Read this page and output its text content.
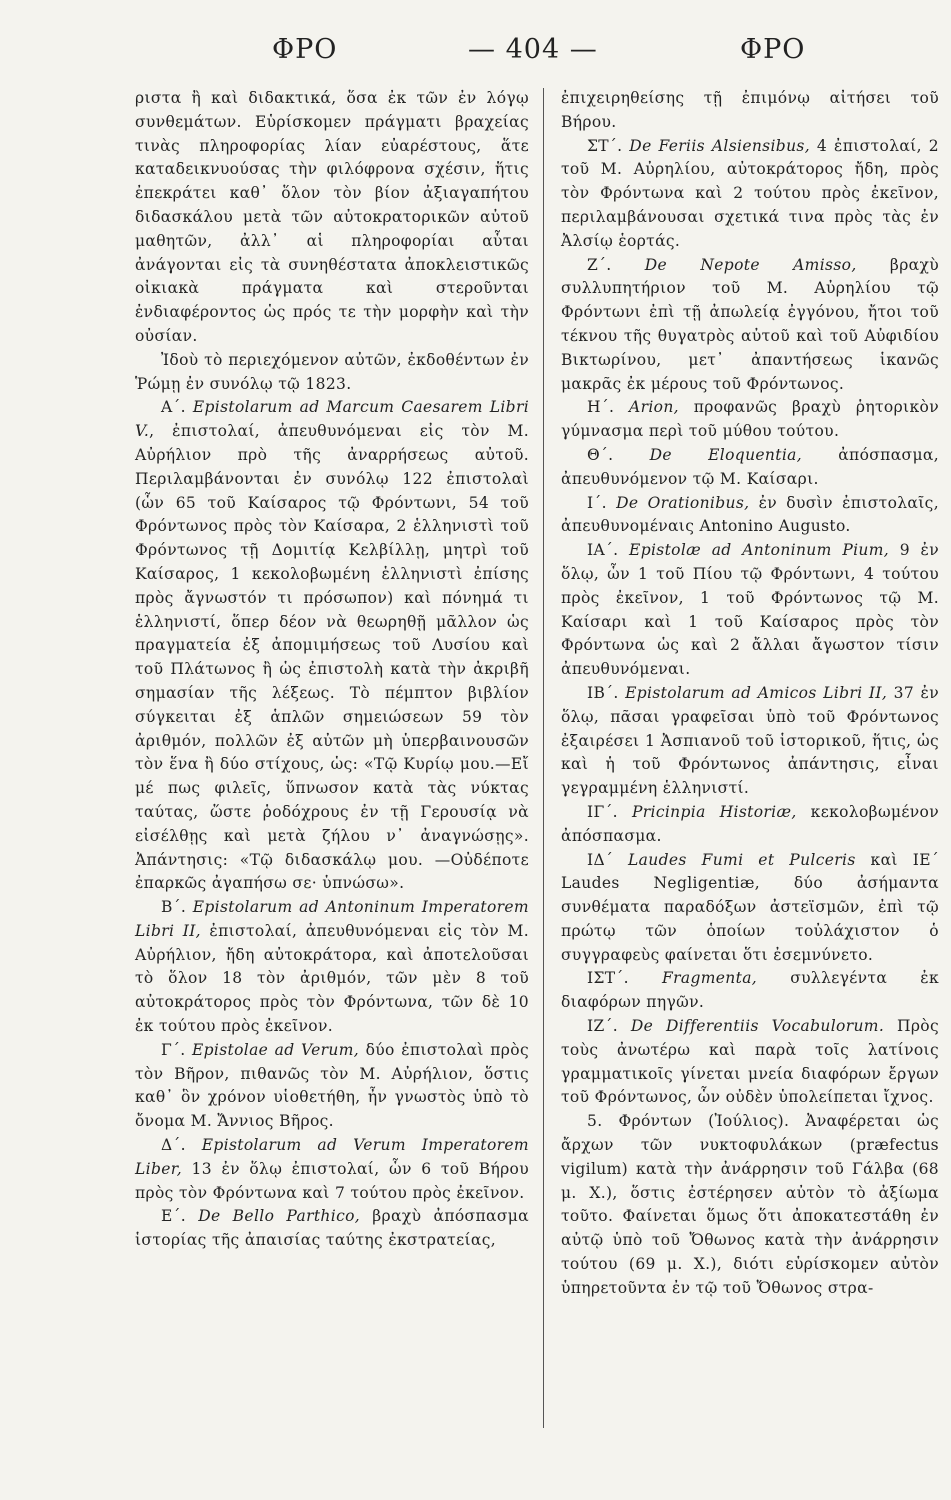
ΦΡΟ	— 404 —	ΦΡΟ

ριστα ἢ καὶ διδακτικά, ὅσα ἐκ τῶν ἐν λόγῳ συνθεμάτων. Εὑρίσκομεν πράγματι βραχείας τινὰς πληροφορίας λίαν εὐαρέστους, ἅτε καταδεικνυούσας τὴν φιλόφρονα σχέσιν, ἥτις ἐπεκράτει καθ᾽ ὅλον τὸν βίον ἀξιαγαπήτου διδασκάλου μετὰ τῶν αὐτοκρατορικῶν αὐτοῦ μαθητῶν, ἀλλ᾽ αἱ πληροφορίαι αὗται ἀνάγονται εἰς τὰ συνηθέστατα ἀποκλειστικῶς οἰκιακὰ πράγματα καὶ στεροῦνται ἐνδιαφέροντος ὡς πρός τε τὴν μορφὴν καὶ τὴν οὐσίαν.

Ἰδοὺ τὸ περιεχόμενον αὐτῶν, ἐκδοθέντων ἐν Ῥώμῃ ἐν συνόλῳ τῷ 1823.

Α΄. Epistolarum ad Marcum Caesarem Libri V., ἐπιστολαί, ἀπευθυνόμεναι εἰς τὸν Μ. Αὐρήλιον πρὸ τῆς ἀναρρήσεως αὐτοῦ. Περιλαμβάνονται ἐν συνόλῳ 122 ἐπιστολαὶ (ὧν 65 τοῦ Καίσαρος τῷ Φρόντωνι, 54 τοῦ Φρόντωνος πρὸς τὸν Καίσαρα, 2 ἑλληνιστὶ τοῦ Φρόντωνος τῇ Δομιτίᾳ Κελβίλλῃ, μητρὶ τοῦ Καίσαρος, 1 κεκολοβωμένη ἑλληνιστὶ ἐπίσης πρὸς ἄγνωστόν τι πρόσωπον) καὶ πόνημά τι ἑλληνιστί, ὅπερ δέον νὰ θεωρηθῇ μᾶλλον ὡς πραγματεία ἐξ ἀπομιμήσεως τοῦ Λυσίου καὶ τοῦ Πλάτωνος ἢ ὡς ἐπιστολὴ κατὰ τὴν ἀκριβῆ σημασίαν τῆς λέξεως. Τὸ πέμπτον βιβλίον σύγκειται ἐξ ἁπλῶν σημειώσεων 59 τὸν ἀριθμόν, πολλῶν ἐξ αὐτῶν μὴ ὑπερβαινουσῶν τὸν ἕνα ἢ δύο στίχους, ὡς: «Τῷ Κυρίῳ μου.—Εἴ μέ πως φιλεῖς, ὕπνωσον κατὰ τὰς νύκτας ταύτας, ὥστε ῥοδόχρους ἐν τῇ Γερουσίᾳ νὰ εἰσέλθῃς καὶ μετὰ ζήλου ν᾽ ἀναγνώσῃς». Ἀπάντησις: «Τῷ διδασκάλῳ μου. —Οὐδέποτε ἐπαρκῶς ἀγαπήσω σε· ὑπνώσω».

Β΄. Epistolarum ad Antoninum Imperatorem Libri II, ἐπιστολαί, ἀπευθυνόμεναι εἰς τὸν Μ. Αὐρήλιον, ἤδη αὐτοκράτορα, καὶ ἀποτελοῦσαι τὸ ὅλον 18 τὸν ἀριθμόν, τῶν μὲν 8 τοῦ αὐτοκράτορος πρὸς τὸν Φρόντωνα, τῶν δὲ 10 ἐκ τούτου πρὸς ἐκεῖνον.

Γ΄. Epistolae ad Verum, δύο ἐπιστολαὶ πρὸς τὸν Βῆρον, πιθανῶς τὸν Μ. Αὐρήλιον, ὅστις καθ᾽ ὃν χρόνον υἱοθετήθη, ἦν γνωστὸς ὑπὸ τὸ ὄνομα Μ. Ἄννιος Βῆρος.

Δ΄. Epistolarum ad Verum Imperatorem Liber, 13 ἐν ὅλῳ ἐπιστολαί, ὧν 6 τοῦ Βήρου πρὸς τὸν Φρόντωνα καὶ 7 τούτου πρὸς ἐκεῖνον.

Ε΄. De Bello Parthico, βραχὺ ἀπόσπασμα ἱστορίας τῆς ἀπαισίας ταύτης ἐκστρατείας,

ἐπιχειρηθείσης τῇ ἐπιμόνῳ αἰτήσει τοῦ Βήρου.

ΣΤ΄. De Feriis Alsiensibus, 4 ἐπιστολαί, 2 τοῦ Μ. Αὐρηλίου, αὐτοκράτορος ἤδη, πρὸς τὸν Φρόντωνα καὶ 2 τούτου πρὸς ἐκεῖνον, περιλαμβάνουσαι σχετικά τινα πρὸς τὰς ἐν Ἀλσίῳ ἑορτάς.

Ζ΄. De Nepote Amisso, βραχὺ συλλυπητήριον τοῦ Μ. Αὐρηλίου τῷ Φρόντωνι ἐπὶ τῇ ἀπωλείᾳ ἐγγόνου, ἤτοι τοῦ τέκνου τῆς θυγατρὸς αὐτοῦ καὶ τοῦ Αὐφιδίου Βικτωρίνου, μετ᾽ ἀπαντήσεως ἱκανῶς μακρᾶς ἐκ μέρους τοῦ Φρόντωνος.

Η΄. Arion, προφανῶς βραχὺ ῥητορικὸν γύμνασμα περὶ τοῦ μύθου τούτου.

Θ΄. De Eloquentia, ἀπόσπασμα, ἀπευθυνόμενον τῷ Μ. Καίσαρι.

Ι΄. De Orationibus, ἐν δυσὶν ἐπιστολαῖς, ἀπευθυνομέναις Antonino Augusto.

ΙΑ΄. Epistolæ ad Antoninum Pium, 9 ἐν ὅλῳ, ὧν 1 τοῦ Πίου τῷ Φρόντωνι, 4 τούτου πρὸς ἐκεῖνον, 1 τοῦ Φρόντωνος τῷ Μ. Καίσαρι καὶ 1 τοῦ Καίσαρος πρὸς τὸν Φρόντωνα ὡς καὶ 2 ἄλλαι ἄγωστον τίσιν ἀπευθυνόμεναι.

ΙΒ΄. Epistolarum ad Amicos Libri II, 37 ἐν ὅλῳ, πᾶσαι γραφεῖσαι ὑπὸ τοῦ Φρόντωνος ἐξαιρέσει 1 Ἀσπιανοῦ τοῦ ἱστορικοῦ, ἥτις, ὡς καὶ ἡ τοῦ Φρόντωνος ἀπάντησις, εἶναι γεγραμμένη ἑλληνιστί.

ΙΓ΄. Pricinpia Historiæ, κεκολοβωμένον ἀπόσπασμα.

ΙΔ΄ Laudes Fumi et Pulceris καὶ ΙΕ΄ Laudes Negligentiæ, δύο ἀσήμαντα συνθέματα παραδόξων ἀστεϊσμῶν, ἐπὶ τῷ πρώτῳ τῶν ὁποίων τοὐλάχιστον ὁ συγγραφεὺς φαίνεται ὅτι ἐσεμνύνετο.

ΙΣΤ΄. Fragmenta, συλλεγέντα ἐκ διαφόρων πηγῶν.

ΙΖ΄. De Differentiis Vocabulorum. Πρὸς τοὺς ἀνωτέρω καὶ παρὰ τοῖς λατίνοις γραμματικοῖς γίνεται μνεία διαφόρων ἔργων τοῦ Φρόντωνος, ὧν οὐδὲν ὑπολείπεται ἴχνος.

5. Φρόντων (Ἰούλιος). Ἀναφέρεται ὡς ἄρχων τῶν νυκτοφυλάκων (præfectus vigilum) κατὰ τὴν ἀνάρρησιν τοῦ Γάλβα (68 μ. Χ.), ὅστις ἐστέρησεν αὐτὸν τὸ ἀξίωμα τοῦτο. Φαίνεται ὅμως ὅτι ἀποκατεστάθη ἐν αὐτῷ ὑπὸ τοῦ Ὄθωνος κατὰ τὴν ἀνάρρησιν τούτου (69 μ. Χ.), διότι εὑρίσκομεν αὐτὸν ὑπηρετοῦντα ἐν τῷ τοῦ Ὄθωνος στρα-
